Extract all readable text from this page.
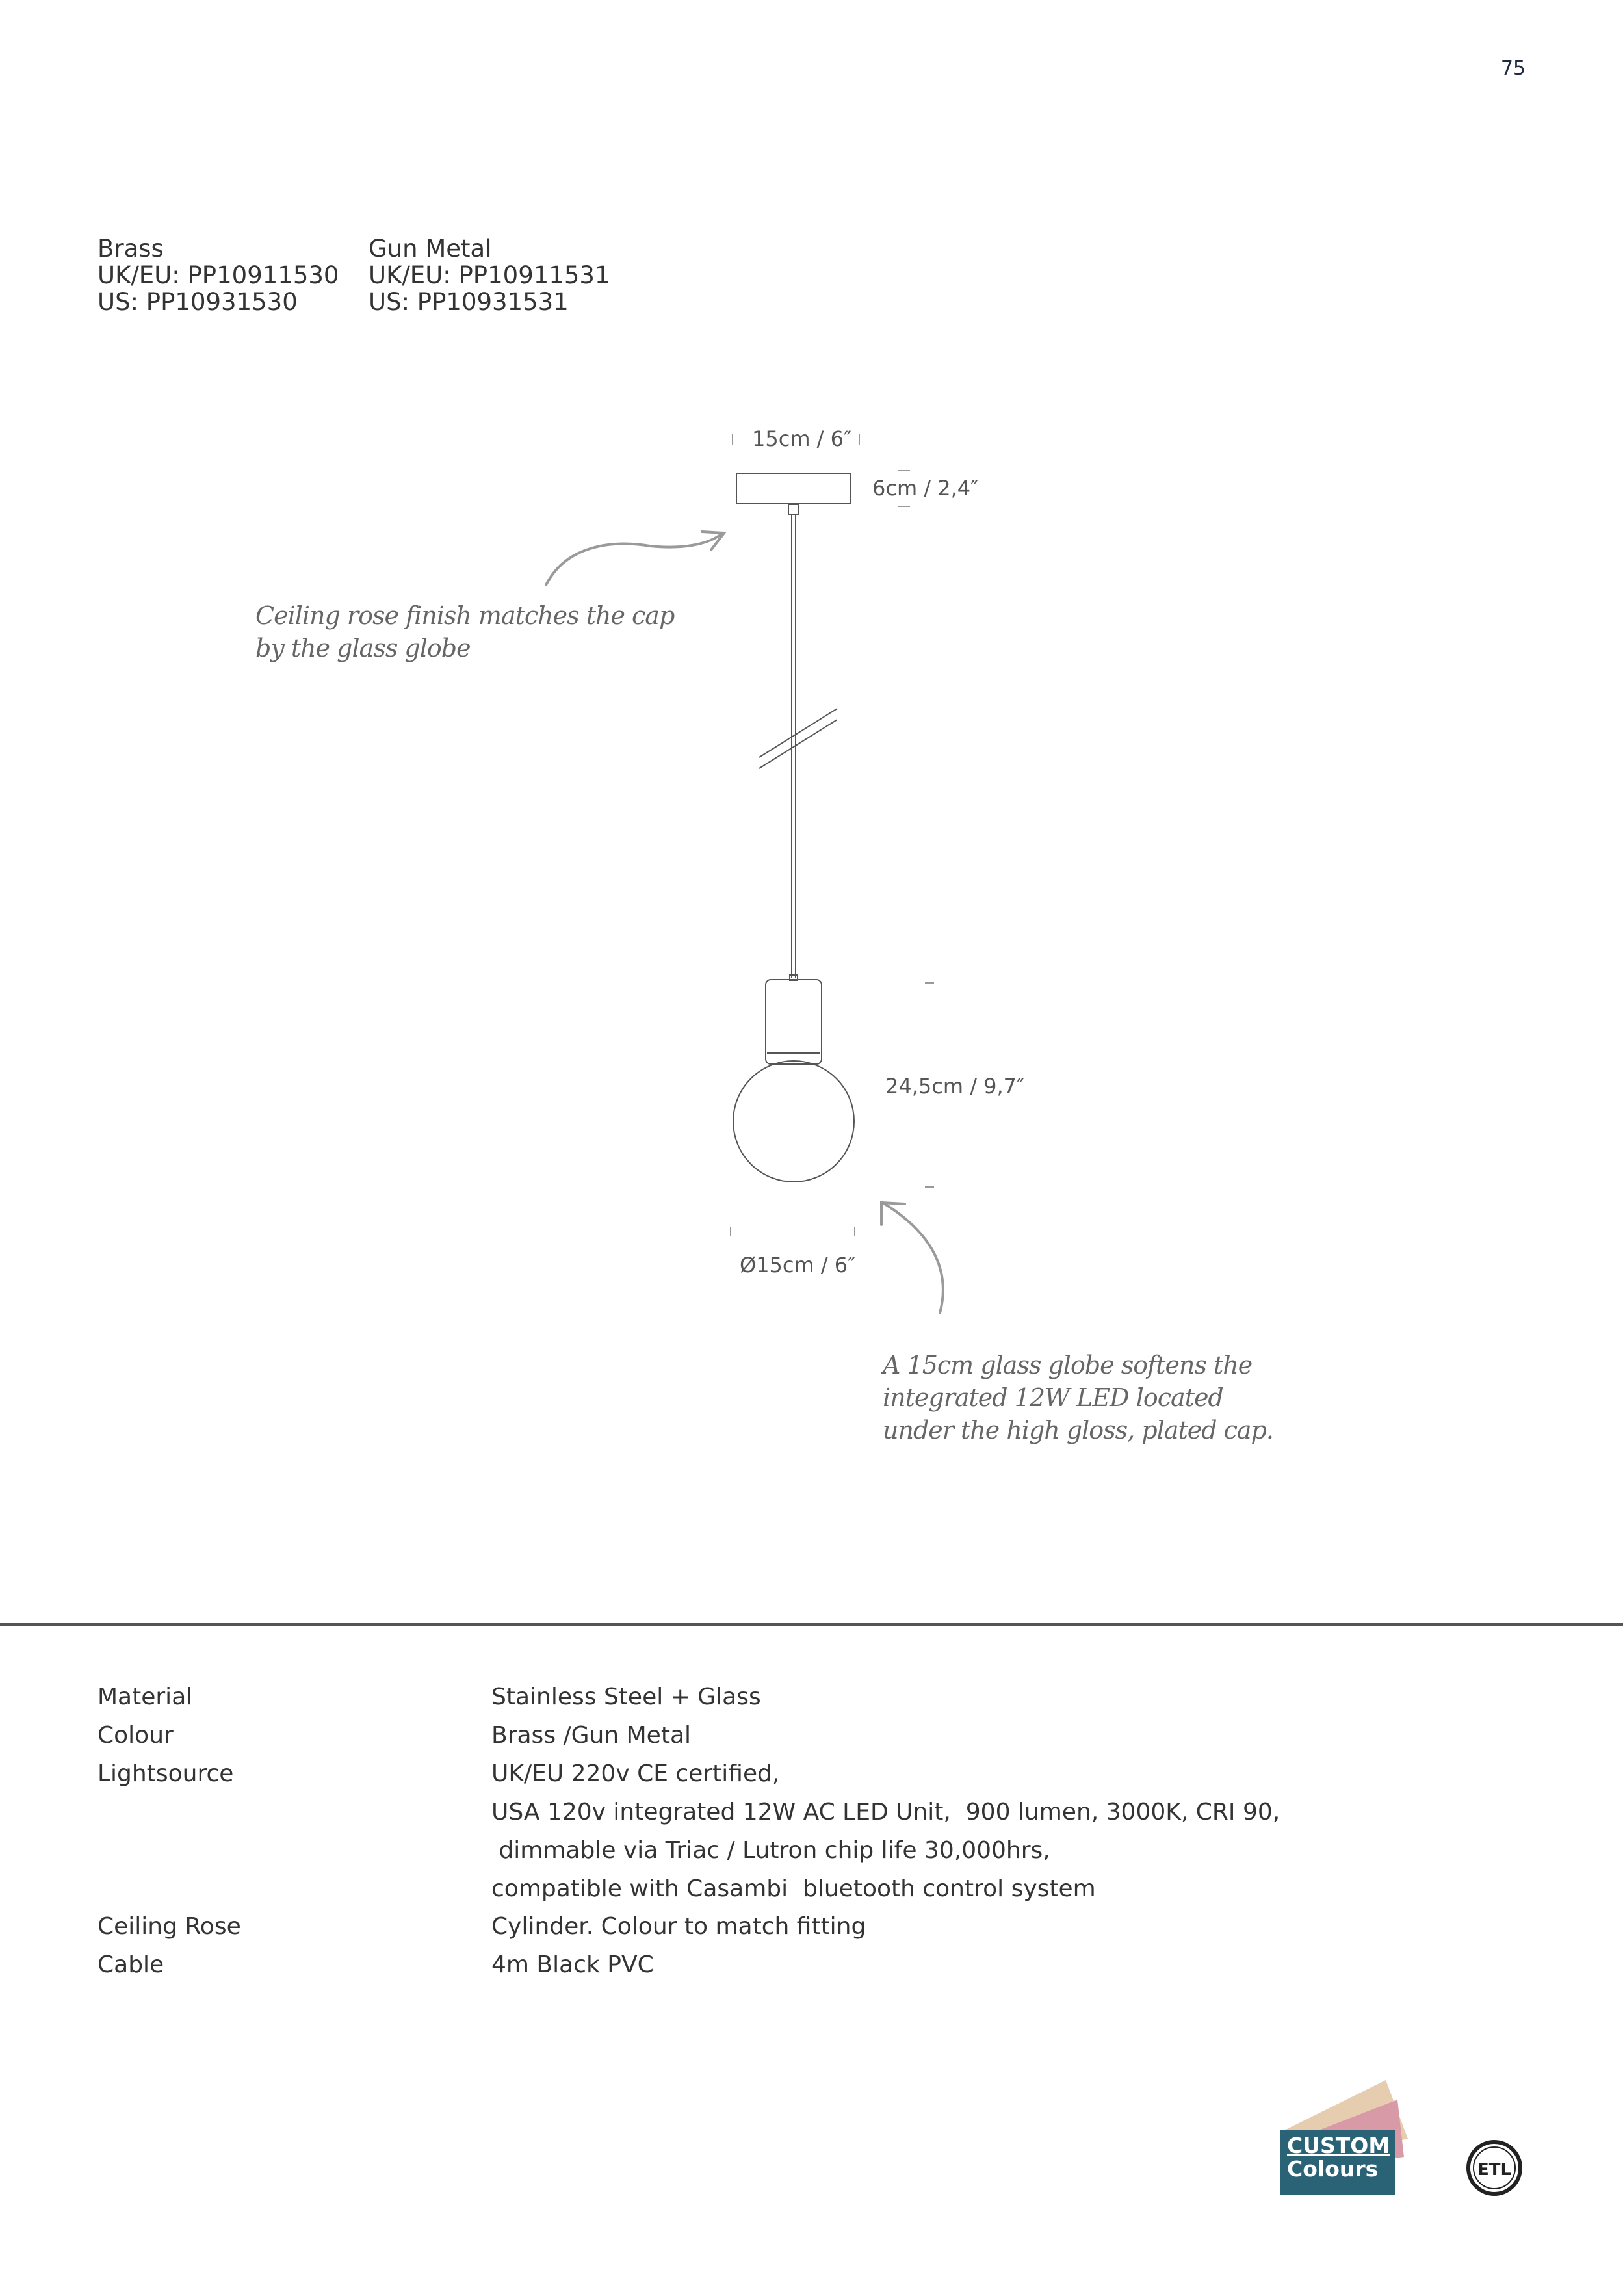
75
Brass
UK/EU: PP10911530
US: PP10931530
Gun Metal
UK/EU: PP10911531
US: PP10931531
15cm / 6″
6cm / 2,4″
24,5cm / 9,7″
Ø15cm / 6″
Ceiling rose finish matches the cap
by the glass globe
A 15cm glass globe softens the
integrated 12W LED located
under the high gloss, plated cap.
Material	Stainless Steel + Glass
Colour	Brass /Gun Metal
Lightsource	UK/EU 220v CE certified,
USA 120v integrated 12W AC LED Unit,  900 lumen, 3000K, CRI 90,
dimmable via Triac / Lutron chip life 30,000hrs,
compatible with Casambi  bluetooth control system
Ceiling Rose	Cylinder. Colour to match fitting
Cable	4m Black PVC
CUSTOM
Colours	ETL
